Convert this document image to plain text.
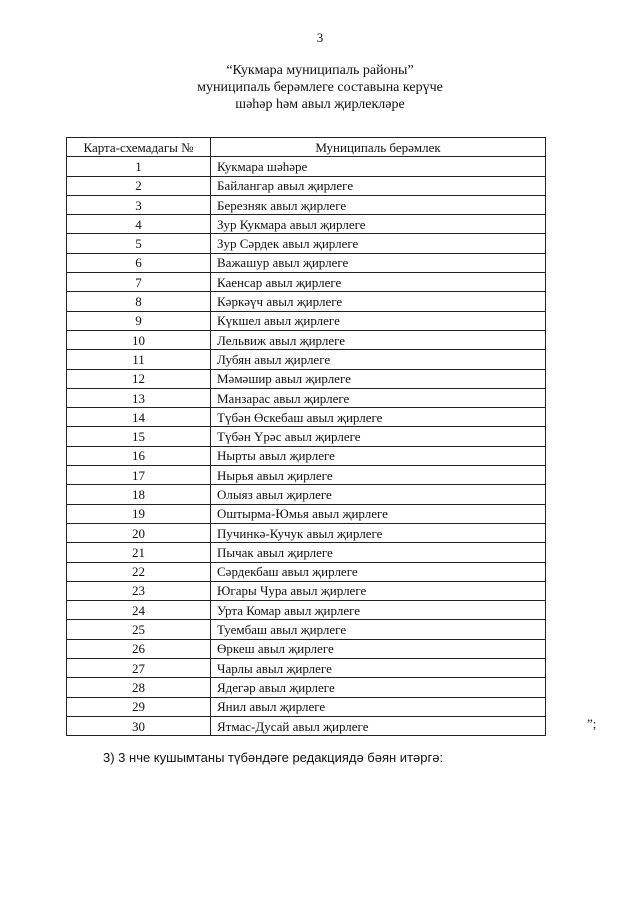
3
“Кукмара муниципаль районы”
муниципаль берәмлеге составына керүче
шәһәр һәм авыл җирлекләре
Карта-схемадагы №	Муниципаль берәмлек
1	Кукмара шәһәре
2	Байлангар авыл җирлеге
3	Березняк авыл җирлеге
4	Зур Кукмара авыл җирлеге
5	Зур Сәрдек авыл җирлеге
6	Важашур авыл җирлеге
7	Каенсар авыл җирлеге
8	Кәркәүч авыл җирлеге
9	Күкшел авыл җирлеге
10	Лельвиж авыл җирлеге
11	Лубян авыл җирлеге
12	Мәмәшир авыл җирлеге
13	Манзарас авыл җирлеге
14	Түбән Өскебаш авыл җирлеге
15	Түбән Үрәс авыл җирлеге
16	Нырты авыл җирлеге
17	Нырья авыл җирлеге
18	Олыяз авыл җирлеге
19	Оштырма-Юмья авыл җирлеге
20	Пучинкә-Кучук авыл җирлеге
21	Пычак авыл җирлеге
22	Сәрдекбаш авыл җирлеге
23	Югары Чура авыл җирлеге
24	Урта Комар авыл җирлеге
25	Туембаш авыл җирлеге
26	Өркеш авыл җирлеге
27	Чарлы авыл җирлеге
28	Ядегәр авыл җирлеге
29	Янил авыл җирлеге
30	Ятмас-Дусай авыл җирлеге	”;
3) 3 нче кушымтаны түбәндәге редакциядә бәян итәргә:
